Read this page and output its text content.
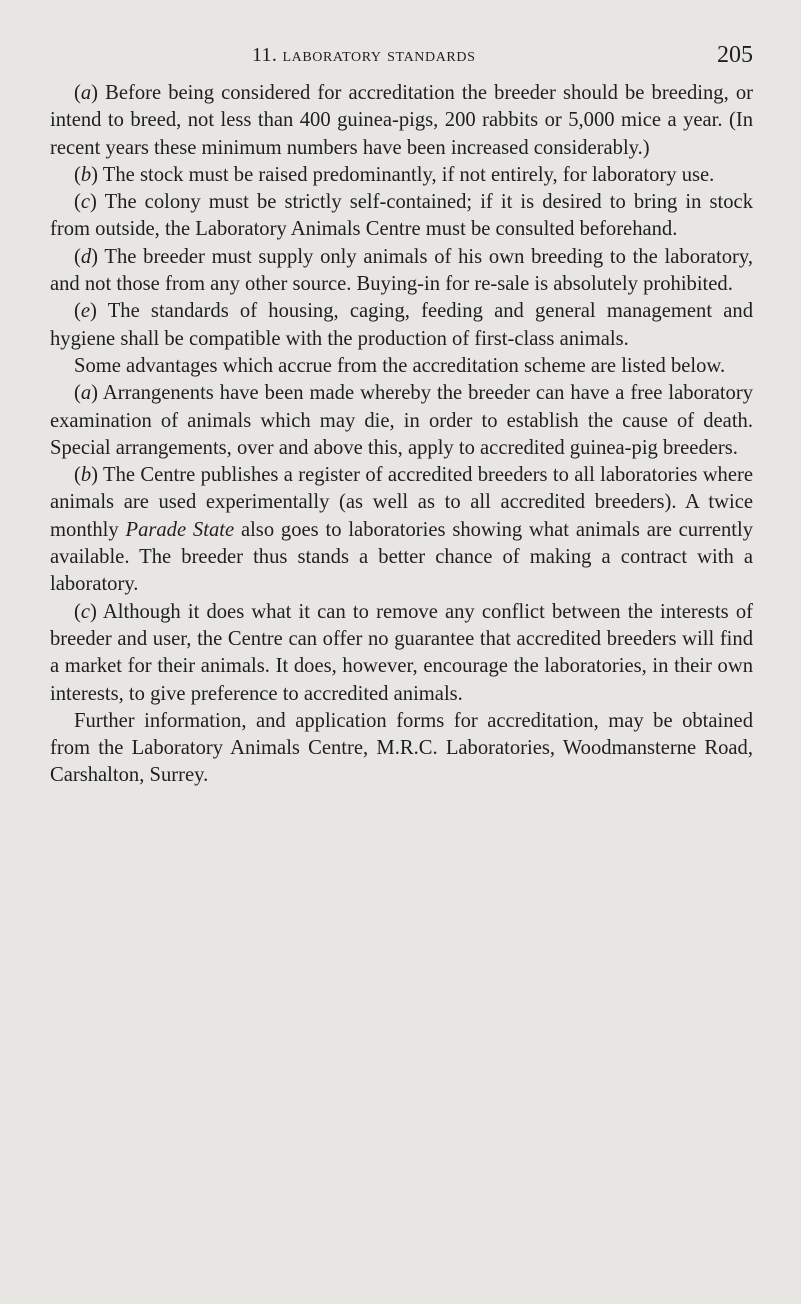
11. laboratory standards	205

(a) Before being considered for accreditation the breeder should be breeding, or intend to breed, not less than 400 guinea-pigs, 200 rabbits or 5,000 mice a year. (In recent years these minimum numbers have been increased considerably.)

(b) The stock must be raised predominantly, if not entirely, for laboratory use.

(c) The colony must be strictly self-contained; if it is desired to bring in stock from outside, the Laboratory Animals Centre must be consulted beforehand.

(d) The breeder must supply only animals of his own breeding to the laboratory, and not those from any other source. Buying-in for re-sale is absolutely prohibited.

(e) The standards of housing, caging, feeding and general management and hygiene shall be compatible with the production of first-class animals.

Some advantages which accrue from the accreditation scheme are listed below.

(a) Arrangenents have been made whereby the breeder can have a free laboratory examination of animals which may die, in order to establish the cause of death. Special arrangements, over and above this, apply to accredited guinea-pig breeders.

(b) The Centre publishes a register of accredited breeders to all laboratories where animals are used experimentally (as well as to all accredited breeders). A twice monthly Parade State also goes to laboratories showing what animals are currently available. The breeder thus stands a better chance of making a contract with a laboratory.

(c) Although it does what it can to remove any conflict between the interests of breeder and user, the Centre can offer no guarantee that accredited breeders will find a market for their animals. It does, however, encourage the laboratories, in their own interests, to give preference to accredited animals.

Further information, and application forms for accreditation, may be obtained from the Laboratory Animals Centre, M.R.C. Laboratories, Woodmansterne Road, Carshalton, Surrey.
